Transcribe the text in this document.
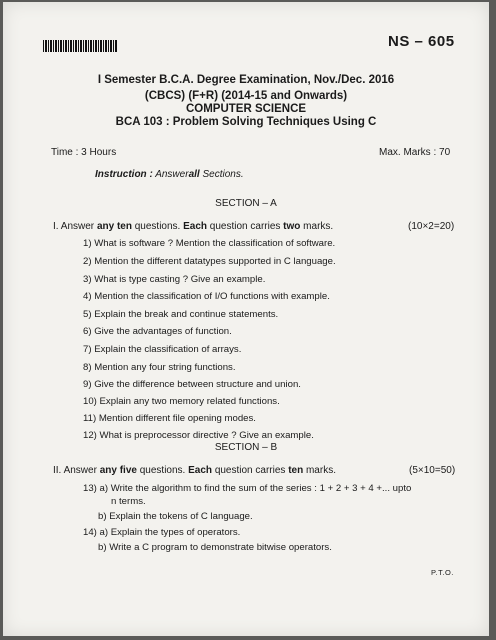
NS – 605
I Semester B.C.A. Degree Examination, Nov./Dec. 2016
(CBCS) (F+R) (2014-15 and Onwards)
COMPUTER SCIENCE
BCA 103 : Problem Solving Techniques Using C
Time : 3 Hours	Max. Marks : 70
Instruction : Answerall Sections.
SECTION – A
I. Answer any ten questions. Each question carries two marks.	(10×2=20)
1) What is software ? Mention the classification of software.
2) Mention the different datatypes supported in C language.
3) What is type casting ? Give an example.
4) Mention the classification of I/O functions with example.
5) Explain the break and continue statements.
6) Give the advantages of function.
7) Explain the classification of arrays.
8) Mention any four string functions.
9) Give the difference between structure and union.
10) Explain any two memory related functions.
11) Mention different file opening modes.
12) What is preprocessor directive ? Give an example.
SECTION – B
II. Answer any five questions. Each question carries ten marks.	(5×10=50)
13) a) Write the algorithm to find the sum of the series : 1 + 2 + 3 + 4 +... upto
n terms.
b) Explain the tokens of C language.
14) a) Explain the types of operators.
b) Write a C program to demonstrate bitwise operators.
P.T.O.
